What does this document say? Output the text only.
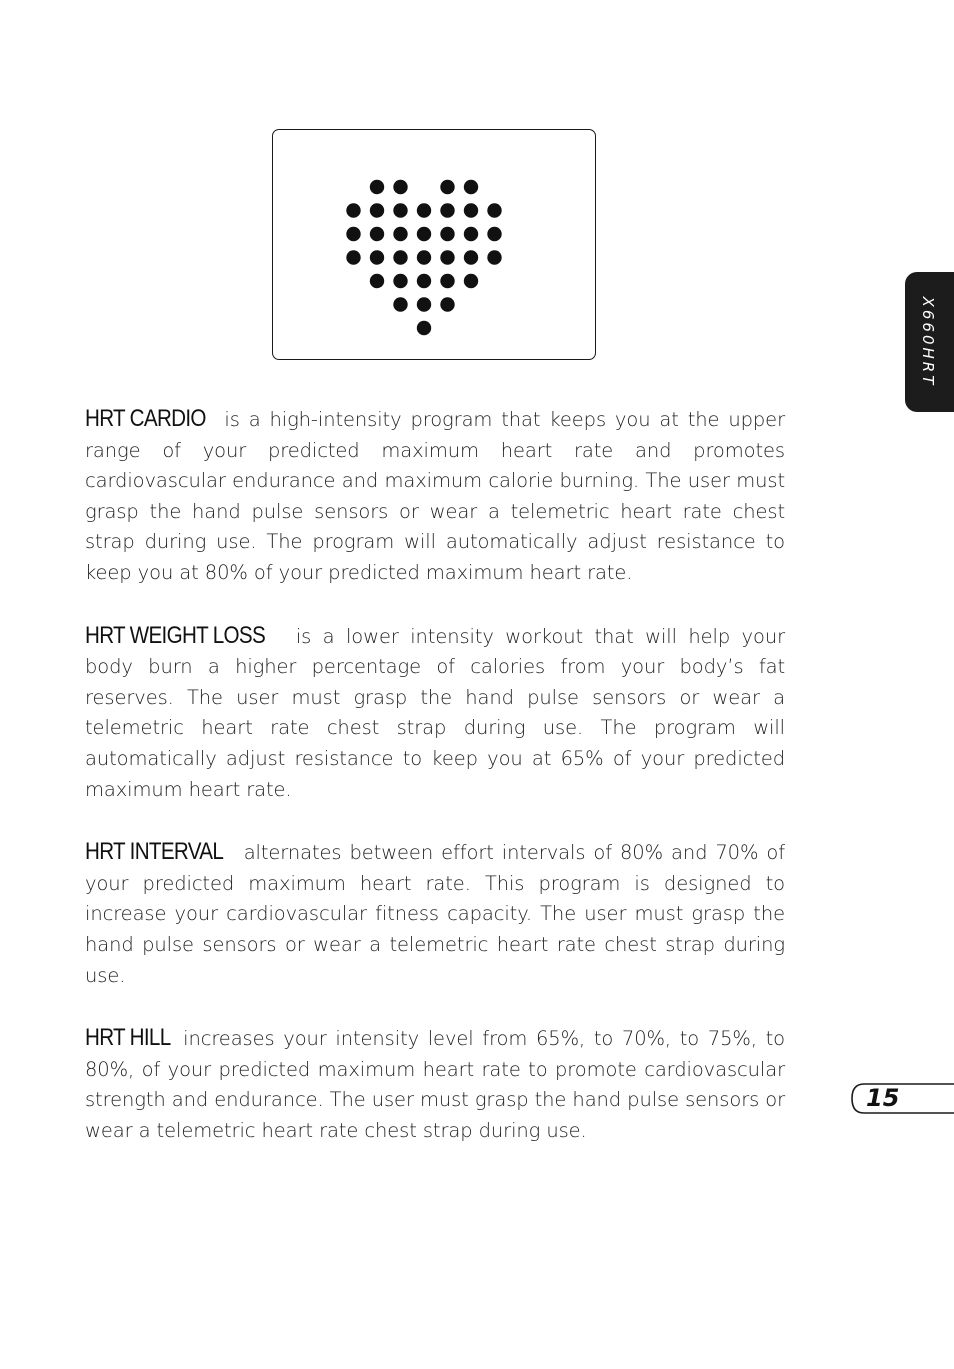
X660HRT

HRT CARDIO is a high-intensity program that keeps you at the upper range of your predicted maximum heart rate and promotes cardiovascular endurance and maximum calorie burning. The user must grasp the hand pulse sensors or wear a telemetric heart rate chest strap during use. The program will automatically adjust resistance to keep you at 80% of your predicted maximum heart rate.

HRT WEIGHT LOSS is a lower intensity workout that will help your body burn a higher percentage of calories from your body’s fat reserves. The user must grasp the hand pulse sensors or wear a telemetric heart rate chest strap during use. The program will automatically adjust resistance to keep you at 65% of your predicted maximum heart rate.

HRT INTERVAL alternates between effort intervals of 80% and 70% of your predicted maximum heart rate. This program is designed to increase your cardiovascular fitness capacity. The user must grasp the hand pulse sensors or wear a telemetric heart rate chest strap during use.

HRT HILL increases your intensity level from 65%, to 70%, to 75%, to 80%, of your predicted maximum heart rate to promote cardiovascular strength and endurance. The user must grasp the hand pulse sensors or wear a telemetric heart rate chest strap during use.

15
